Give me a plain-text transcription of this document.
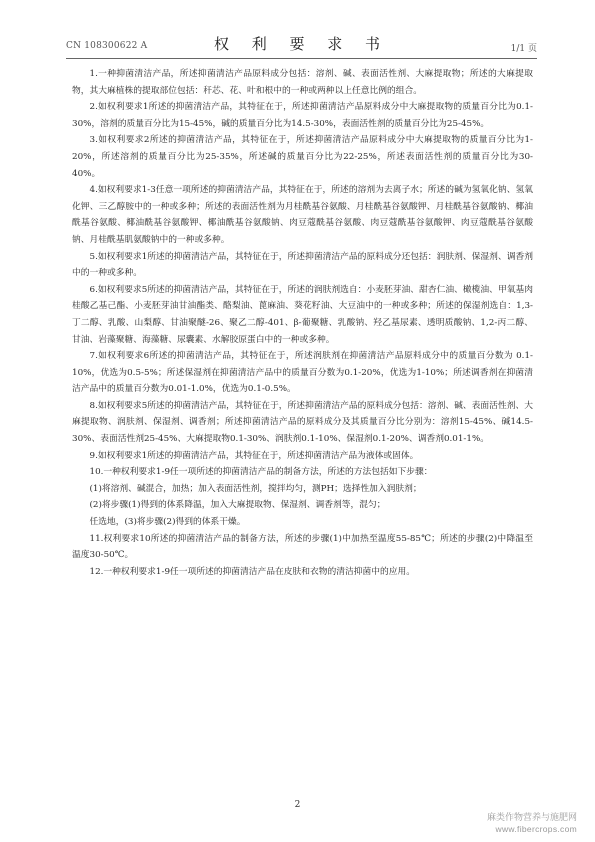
CN 108300622 A	权 利 要 求 书	1/1 页

1.一种抑菌清洁产品，所述抑菌清洁产品原料成分包括：溶剂、碱、表面活性剂、大麻提取物；所述的大麻提取物，其大麻植株的提取部位包括：秆芯、花、叶和根中的一种或两种以上任意比例的组合。

2.如权利要求1所述的抑菌清洁产品，其特征在于，所述抑菌清洁产品原料成分中大麻提取物的质量百分比为0.1-30%，溶剂的质量百分比为15-45%，碱的质量百分比为14.5-30%，表面活性剂的质量百分比为25-45%。

3.如权利要求2所述的抑菌清洁产品，其特征在于，所述抑菌清洁产品原料成分中大麻提取物的质量百分比为1-20%，所述溶剂的质量百分比为25-35%，所述碱的质量百分比为22-25%，所述表面活性剂的质量百分比为30-40%。

4.如权利要求1-3任意一项所述的抑菌清洁产品，其特征在于，所述的溶剂为去离子水；所述的碱为氢氧化钠、氢氧化钾、三乙醇胺中的一种或多种；所述的表面活性剂为月桂酰基谷氨酸、月桂酰基谷氨酸钾、月桂酰基谷氨酸钠、椰油酰基谷氨酸、椰油酰基谷氨酸钾、椰油酰基谷氨酸钠、肉豆蔻酰基谷氨酸、肉豆蔻酰基谷氨酸钾、肉豆蔻酰基谷氨酸钠、月桂酰基肌氨酸钠中的一种或多种。

5.如权利要求1所述的抑菌清洁产品，其特征在于，所述抑菌清洁产品的原料成分还包括：润肤剂、保湿剂、调香剂中的一种或多种。

6.如权利要求5所述的抑菌清洁产品，其特征在于，所述的润肤剂选自：小麦胚芽油、甜杏仁油、橄榄油、甲氧基肉桂酸乙基己酯、小麦胚芽油甘油酯类、酪梨油、蓖麻油、葵花籽油、大豆油中的一种或多种；所述的保湿剂选自：1,3-丁二醇、乳酸、山梨醇、甘油聚醚-26、聚乙二醇-401、β-葡聚糖、乳酸钠、羟乙基尿素、透明质酸钠、1,2-丙二醇、甘油、岩藻聚糖、海藻糖、尿囊素、水解胶原蛋白中的一种或多种。

7.如权利要求6所述的抑菌清洁产品，其特征在于，所述润肤剂在抑菌清洁产品原料成分中的质量百分数为 0.1-10%，优选为0.5-5%；所述保湿剂在抑菌清洁产品中的质量百分数为0.1-20%，优选为1-10%；所述调香剂在抑菌清洁产品中的质量百分数为0.01-1.0%，优选为0.1-0.5%。

8.如权利要求5所述的抑菌清洁产品，其特征在于，所述抑菌清洁产品的原料成分包括：溶剂、碱、表面活性剂、大麻提取物、润肤剂、保湿剂、调香剂；所述抑菌清洁产品的原料成分及其质量百分比分别为：溶剂15-45%、碱14.5-30%、表面活性剂25-45%、大麻提取物0.1-30%、润肤剂0.1-10%、保湿剂0.1-20%、调香剂0.01-1%。

9.如权利要求1所述的抑菌清洁产品，其特征在于，所述抑菌清洁产品为液体或固体。

10.一种权利要求1-9任一项所述的抑菌清洁产品的制备方法，所述的方法包括如下步骤：

(1)将溶剂、碱混合，加热；加入表面活性剂，搅拌均匀，测PH；选择性加入润肤剂；

(2)将步骤(1)得到的体系降温，加入大麻提取物、保湿剂、调香剂等，混匀；

任选地，(3)将步骤(2)得到的体系干燥。

11.权利要求10所述的抑菌清洁产品的制备方法，所述的步骤(1)中加热至温度55-85℃；所述的步骤(2)中降温至温度30-50℃。

12.一种权利要求1-9任一项所述的抑菌清洁产品在皮肤和衣物的清洁抑菌中的应用。

2
麻类作物营养与施肥网
www.fibercrops.com
